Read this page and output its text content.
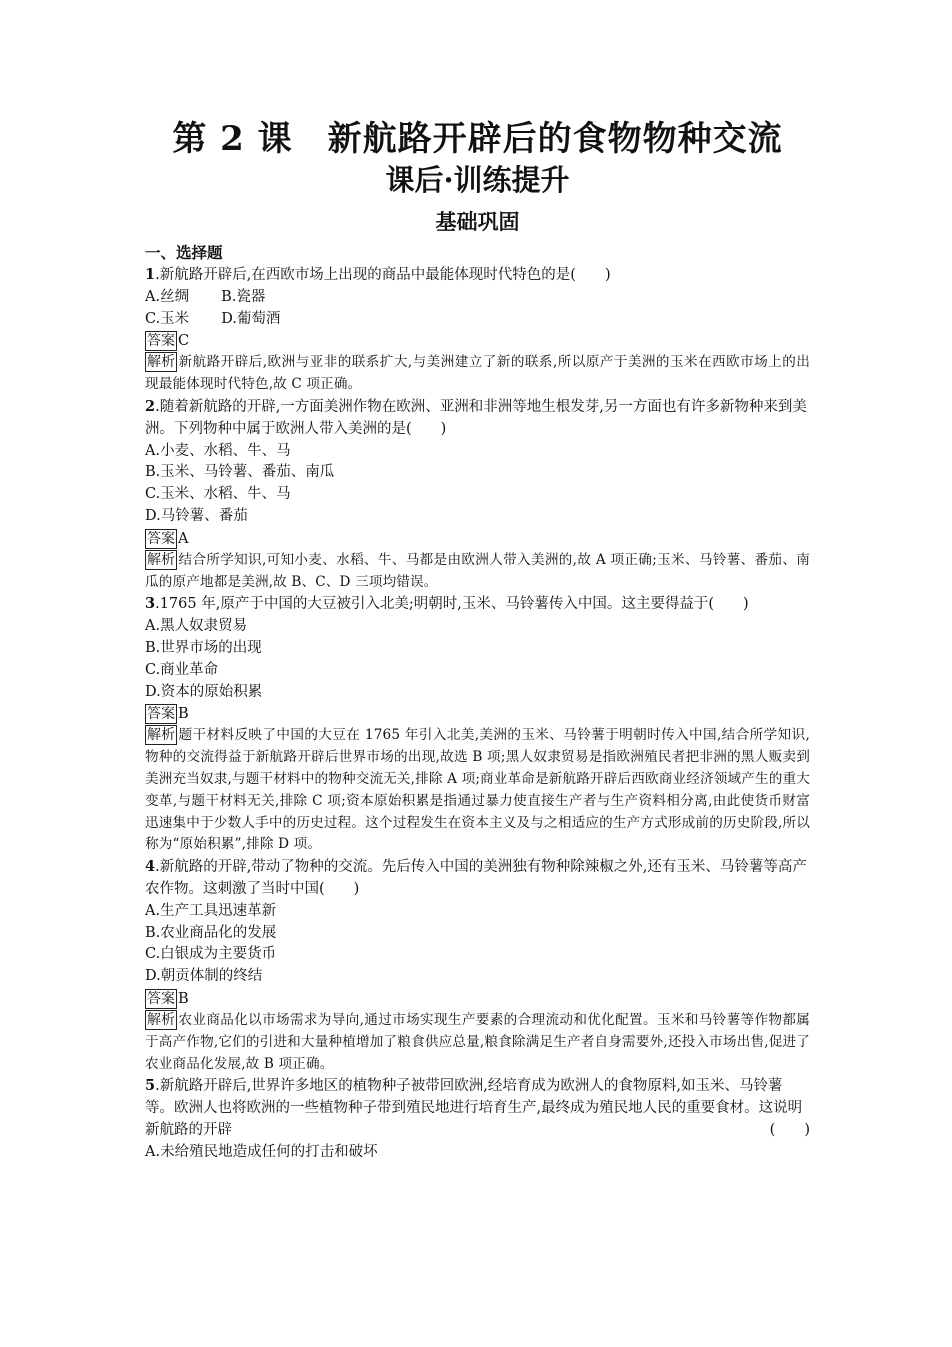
第 2 课　新航路开辟后的食物物种交流
课后·训练提升
基础巩固

一、选择题

1.新航路开辟后,在西欧市场上出现的商品中最能体现时代特色的是(　　)

A.丝绸 B.瓷器

C.玉米 D.葡萄酒

答案 C

解析 新航路开辟后,欧洲与亚非的联系扩大,与美洲建立了新的联系,所以原产于美洲的玉米在西欧市场上的出现最能体现时代特色,故 C 项正确。

2.随着新航路的开辟,一方面美洲作物在欧洲、亚洲和非洲等地生根发芽,另一方面也有许多新物种来到美洲。下列物种中属于欧洲人带入美洲的是(　　)

A.小麦、水稻、牛、马

B.玉米、马铃薯、番茄、南瓜

C.玉米、水稻、牛、马

D.马铃薯、番茄

答案 A

解析 结合所学知识,可知小麦、水稻、牛、马都是由欧洲人带入美洲的,故 A 项正确;玉米、马铃薯、番茄、南瓜的原产地都是美洲,故 B、C、D 三项均错误。

3.1765 年,原产于中国的大豆被引入北美;明朝时,玉米、马铃薯传入中国。这主要得益于(　　)

A.黑人奴隶贸易

B.世界市场的出现

C.商业革命

D.资本的原始积累

答案 B

解析 题干材料反映了中国的大豆在 1765 年引入北美,美洲的玉米、马铃薯于明朝时传入中国,结合所学知识,物种的交流得益于新航路开辟后世界市场的出现,故选 B 项;黑人奴隶贸易是指欧洲殖民者把非洲的黑人贩卖到美洲充当奴隶,与题干材料中的物种交流无关,排除 A 项;商业革命是新航路开辟后西欧商业经济领域产生的重大变革,与题干材料无关,排除 C 项;资本原始积累是指通过暴力使直接生产者与生产资料相分离,由此使货币财富迅速集中于少数人手中的历史过程。这个过程发生在资本主义及与之相适应的生产方式形成前的历史阶段,所以称为“原始积累”,排除 D 项。

4.新航路的开辟,带动了物种的交流。先后传入中国的美洲独有物种除辣椒之外,还有玉米、马铃薯等高产农作物。这刺激了当时中国(　　)

A.生产工具迅速革新

B.农业商品化的发展

C.白银成为主要货币

D.朝贡体制的终结

答案 B

解析 农业商品化以市场需求为导向,通过市场实现生产要素的合理流动和优化配置。玉米和马铃薯等作物都属于高产作物,它们的引进和大量种植增加了粮食供应总量,粮食除满足生产者自身需要外,还投入市场出售,促进了农业商品化发展,故 B 项正确。

5.新航路开辟后,世界许多地区的植物种子被带回欧洲,经培育成为欧洲人的食物原料,如玉米、马铃薯等。欧洲人也将欧洲的一些植物种子带到殖民地进行培育生产,最终成为殖民地人民的重要食材。这说明新航路的开辟	(　　)

A.未给殖民地造成任何的打击和破坏
